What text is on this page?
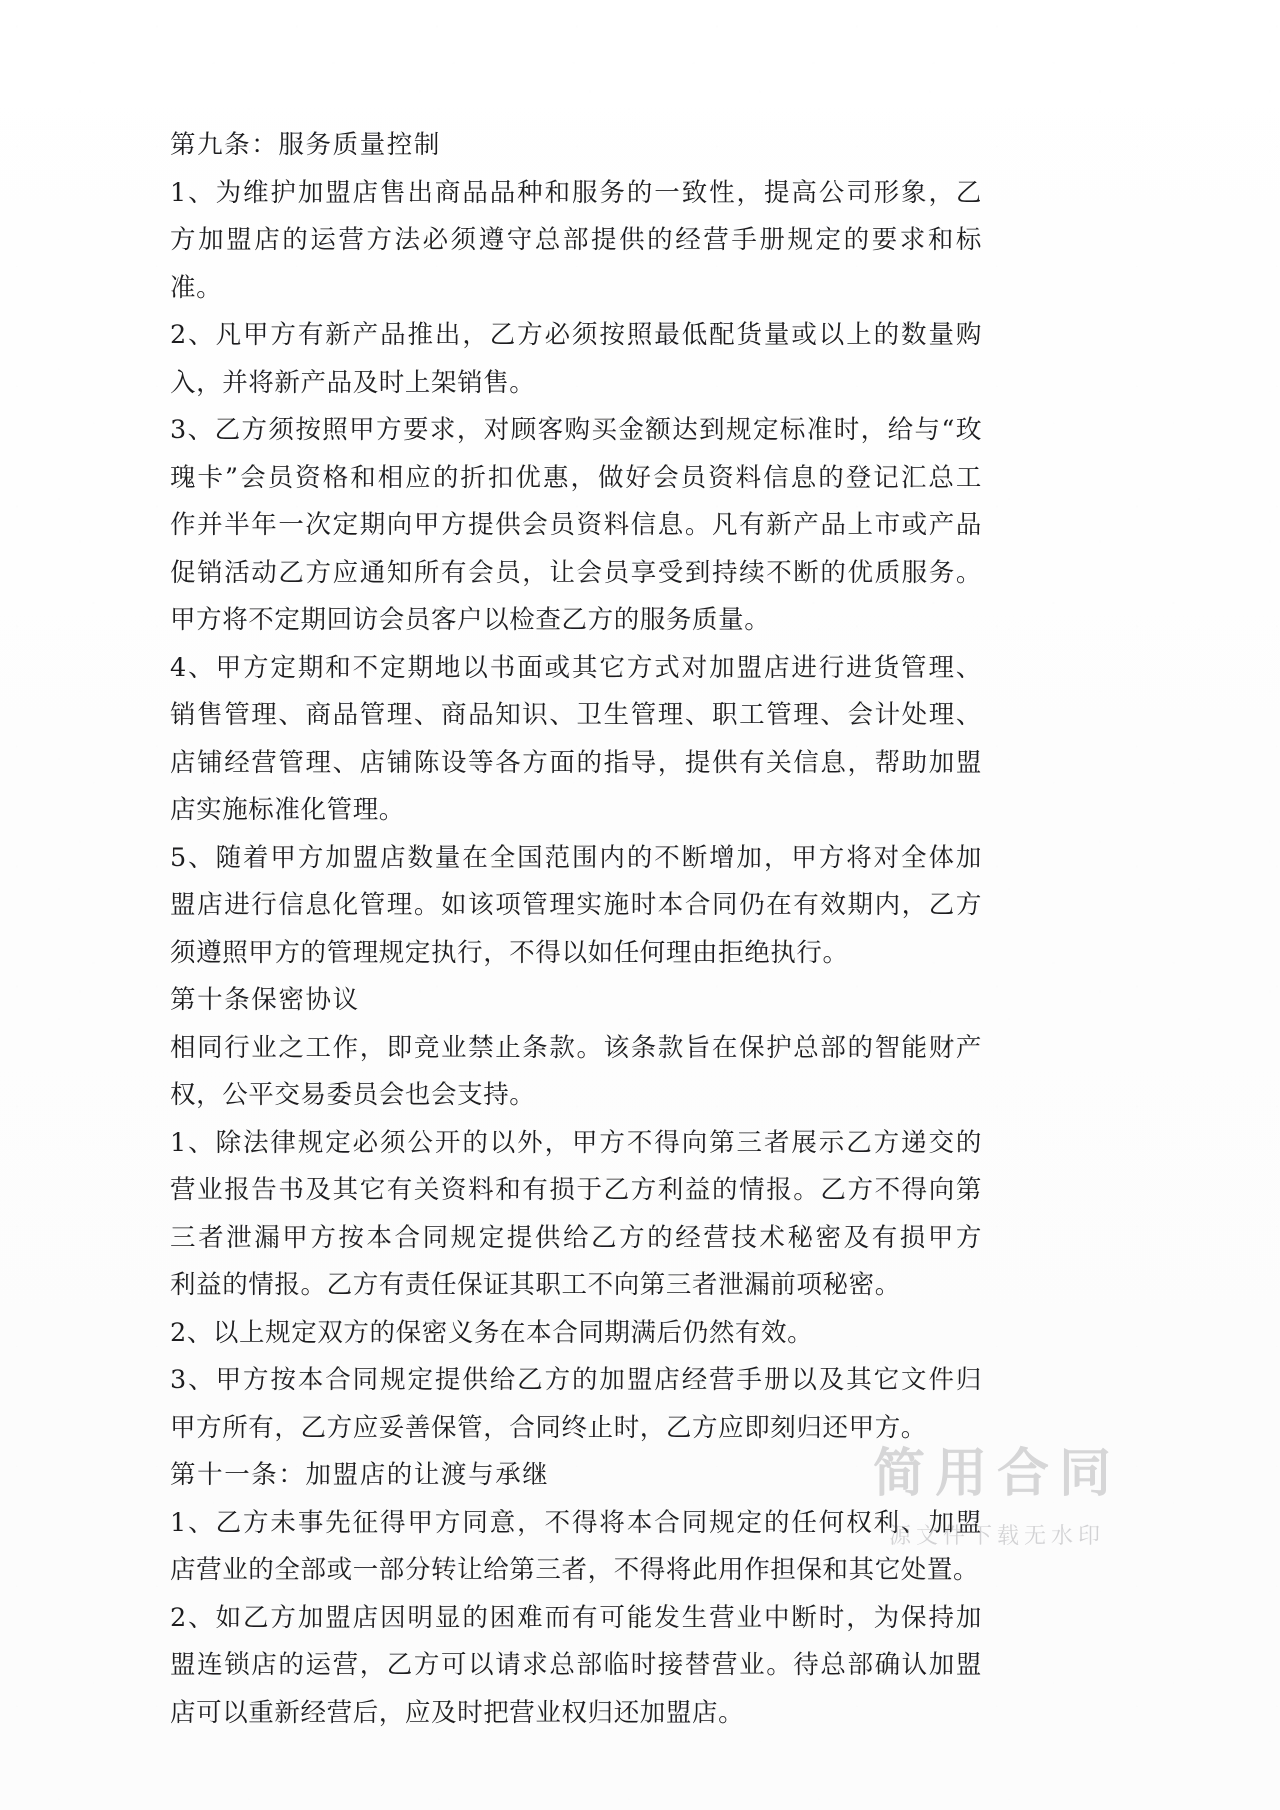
第九条：服务质量控制

1、为维护加盟店售出商品品种和服务的一致性，提高公司形象，乙

方加盟店的运营方法必须遵守总部提供的经营手册规定的要求和标

准。

2、凡甲方有新产品推出，乙方必须按照最低配货量或以上的数量购

入，并将新产品及时上架销售。

3、乙方须按照甲方要求，对顾客购买金额达到规定标准时，给与“玫

瑰卡”会员资格和相应的折扣优惠，做好会员资料信息的登记汇总工

作并半年一次定期向甲方提供会员资料信息。凡有新产品上市或产品

促销活动乙方应通知所有会员，让会员享受到持续不断的优质服务。

甲方将不定期回访会员客户以检查乙方的服务质量。

4、甲方定期和不定期地以书面或其它方式对加盟店进行进货管理、

销售管理、商品管理、商品知识、卫生管理、职工管理、会计处理、

店铺经营管理、店铺陈设等各方面的指导，提供有关信息，帮助加盟

店实施标准化管理。

5、随着甲方加盟店数量在全国范围内的不断增加，甲方将对全体加

盟店进行信息化管理。如该项管理实施时本合同仍在有效期内，乙方

须遵照甲方的管理规定执行，不得以如任何理由拒绝执行。

第十条保密协议

相同行业之工作，即竞业禁止条款。该条款旨在保护总部的智能财产

权，公平交易委员会也会支持。

1、除法律规定必须公开的以外，甲方不得向第三者展示乙方递交的

营业报告书及其它有关资料和有损于乙方利益的情报。乙方不得向第

三者泄漏甲方按本合同规定提供给乙方的经营技术秘密及有损甲方

利益的情报。乙方有责任保证其职工不向第三者泄漏前项秘密。

2、以上规定双方的保密义务在本合同期满后仍然有效。

3、甲方按本合同规定提供给乙方的加盟店经营手册以及其它文件归

甲方所有，乙方应妥善保管，合同终止时，乙方应即刻归还甲方。

第十一条：加盟店的让渡与承继

1、乙方未事先征得甲方同意，不得将本合同规定的任何权利、加盟

店营业的全部或一部分转让给第三者，不得将此用作担保和其它处置。

2、如乙方加盟店因明显的困难而有可能发生营业中断时，为保持加

盟连锁店的运营，乙方可以请求总部临时接替营业。待总部确认加盟

店可以重新经营后，应及时把营业权归还加盟店。

简用合同
源文件下载无水印
